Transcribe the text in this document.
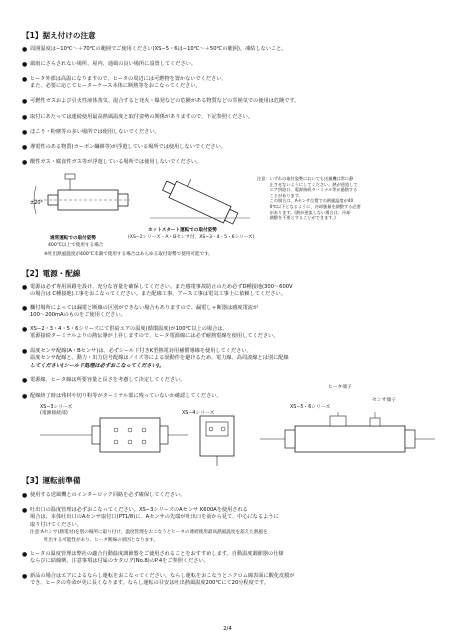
【1】据え付けの注意
● 周囲温度は−10℃〜＋70℃の範囲でご使用ください(XS−5・6は−10℃〜＋50℃の範囲)。凍結しないこと。
● 風雨にさらされない場所、屋内、通風の良い場所に設置してください。
● ヒータ外部は高温になりますので、ヒータの周辺には可燃物を置かないでください。
また、必要に応じてヒーターケース本体に断熱等をおこなってください。
● 可燃性ガスおよび引火性液体蒸気、混合すると発火・爆発などの危険がある物質などの雰囲気での使用は危険です。
● 取付にあたっては連続使用最高熱風温度と取付姿勢の関係がありますので、下記参照ください。
● ほこり・粉塵等の多い場所では使用しないでください。
● 導電性のある物質(カーボン繊維等)が浮遊している場所では使用しないでください。
● 酸性ガス・腐食性ガス等が浮遊している場所では使用しないでください。
±20°
通常運転での取付姿勢
400℃以上で使用する場合
ホットスタート運転での取付姿勢
(XS−2シリーズ・A・Bセンサ付、XS−3・4・5・6シリーズ)
※吐出熱風温度が400℃未満で使用する場合はあらゆる取付姿勢で使用可能です。
注意：いずれの取付姿勢においても送風機は常に静
　　　止させないようにしてください。熱が逆流して
　　　エア供給口、電源接続ターミナル等が過熱する
　　　ことがあります。
　　　この場合は、Aセンサ位置での熱風温度が40
　　　0℃以下となるように、冷却風量を調整する必要
　　　があります。(熱が逆流しない場合は、冷却
　　　調整を不要とすることができます。)
【2】電源・配線
● 電源は必ず専用回路を設け、充分な容量を確保してください。また感電事故防止のため必ずD種接地(300〜600V
の場合は C種接地)工事をおこなってください。また配線工事、アース工事は電気工事士に依頼してください。
● 欄付場所によっては漏電と断線の区別ができない場合もありますので、漏電しゃ断器は感度電流が
100〜200mAのものをご使用ください。
● XS−2・3・4・5・6シリーズにて供給エアの温度(循環温度)が100℃以上の場合は、
電源接続ターミナルよりの熱伝導が上昇しますので、ヒータ電源線には必ず耐熱電線を使用してください。
● 温度センサ配線(A・Bセンサ)は、必ずシールド付きK型熱電対用補償導線を使用してください。
温度センサ配線と、動力・出力信号配線はノイズ等による誤動作を避けるため、電力線、高周波線とは別に配線
してください(シールド処理は必ずおこなってください)。
● 電源線、ヒータ線は所要容量と長さを考慮して決定してください。
● 配線終了時は残材や切り粉等がターミナル部に残っていないか確認してください。
XS−3シリーズ
(電源接続部)	XS−4シリーズ
XS−5・6シリーズ
ヒータ端子
センサ端子
【3】運転前準備
● 使用する送風機とのインターロック回路を必ず確保してください。
● 吐出口の温度管理は必ずおこなってください。XS−3シリーズのAセンサ K600Aを使用される
場合は、本体吐出口のAセンサ取付口(PT1/8)に、Aセンサの先端が吐出口を前から見て、中心になるように
取り付けてください。
注意:Aセンサ(熱電対)を別の場所に取り付け、温度管理をおこなうとヒータの連続使用最高熱風温度を超えた熱風を
　　　吐出する可能性があり、ヒータ断線の原因となります。
● ヒータの温度管理は弊社の適合自動温度調節器をご使用されることをおすすめします。自動温度調節器の仕様
ならびに結線例、注意事項は付属のカタログ(No.8)のP.4をご参照ください。
● 新品の場合はエアによるならし運転をおこなってください。ならし運転をおこなうとニクロム線表面に酸化皮膜が
でき、ヒータの寿命が更に長くなります。ならし運転の目安は吐出熱風温度200℃にて20分程度です。
2/4
